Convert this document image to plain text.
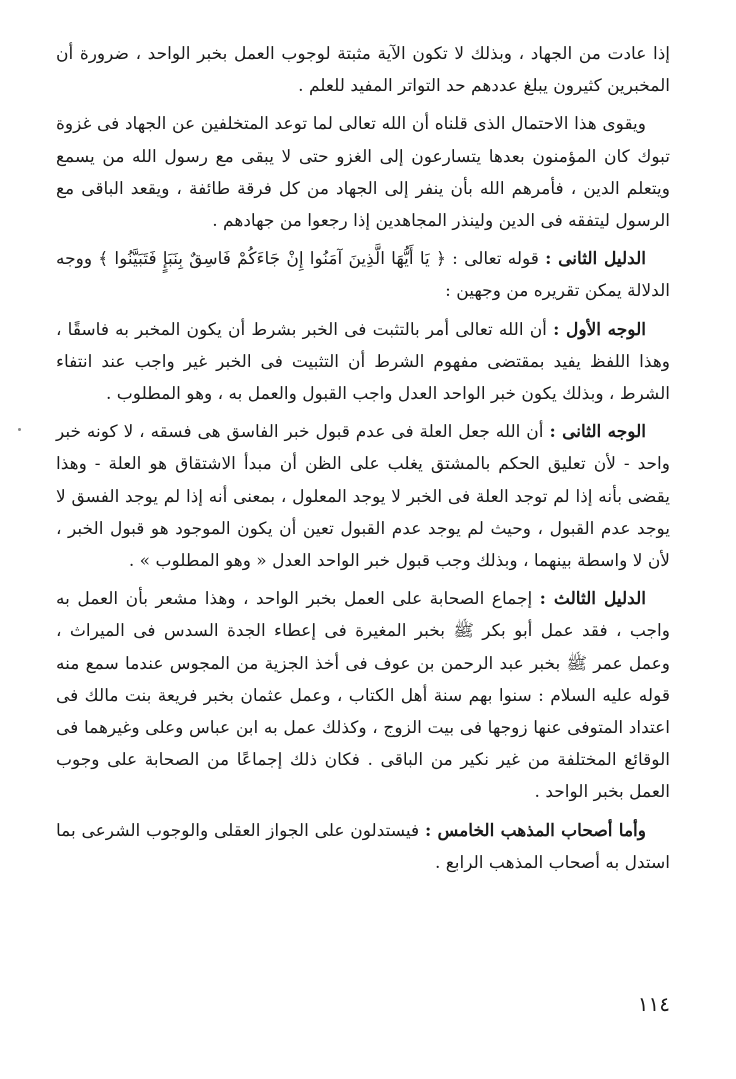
إذا عادت من الجهاد ، وبذلك لا تكون الآية مثبتة لوجوب العمل بخبر الواحد ، ضرورة أن المخبرين كثيرون يبلغ عددهم حد التواتر المفيد للعلم .

ويقوى هذا الاحتمال الذى قلناه أن الله تعالى لما توعد المتخلفين عن الجهاد فى غزوة تبوك كان المؤمنون بعدها يتسارعون إلى الغزو حتى لا يبقى مع رسول الله من يسمع ويتعلم الدين ، فأمرهم الله بأن ينفر إلى الجهاد من كل فرقة طائفة ، ويقعد الباقى مع الرسول ليتفقه فى الدين ولينذر المجاهدين إذا رجعوا من جهادهم .

الدليل الثانى : قوله تعالى : ﴿ يَا أَيُّهَا الَّذِينَ آمَنُوا إِنْ جَاءَكُمْ فَاسِقٌ بِنَبَإٍ فَتَبَيَّنُوا ﴾ ووجه الدلالة يمكن تقريره من وجهين :

الوجه الأول : أن الله تعالى أمر بالتثبت فى الخبر بشرط أن يكون المخبر به فاسقًا ، وهذا اللفظ يفيد بمقتضى مفهوم الشرط أن التثبيت فى الخبر غير واجب عند انتفاء الشرط ، وبذلك يكون خبر الواحد العدل واجب القبول والعمل به ، وهو المطلوب .

الوجه الثانى : أن الله جعل العلة فى عدم قبول خبر الفاسق هى فسقه ، لا كونه خبر واحد - لأن تعليق الحكم بالمشتق يغلب على الظن أن مبدأ الاشتقاق هو العلة - وهذا يقضى بأنه إذا لم توجد العلة فى الخبر لا يوجد المعلول ، بمعنى أنه إذا لم يوجد الفسق لا يوجد عدم القبول ، وحيث لم يوجد عدم القبول تعين أن يكون الموجود هو قبول الخبر ، لأن لا واسطة بينهما ، وبذلك وجب قبول خبر الواحد العدل « وهو المطلوب » .

الدليل الثالث : إجماع الصحابة على العمل بخبر الواحد ، وهذا مشعر بأن العمل به واجب ، فقد عمل أبو بكر ﷺ بخبر المغيرة فى إعطاء الجدة السدس فى الميراث ، وعمل عمر ﷺ بخبر عبد الرحمن بن عوف فى أخذ الجزية من المجوس عندما سمع منه قوله عليه السلام : سنوا بهم سنة أهل الكتاب ، وعمل عثمان بخبر فريعة بنت مالك فى اعتداد المتوفى عنها زوجها فى بيت الزوج ، وكذلك عمل به ابن عباس وعلى وغيرهما فى الوقائع المختلفة من غير نكير من الباقى . فكان ذلك إجماعًا من الصحابة على وجوب العمل بخبر الواحد .

وأما أصحاب المذهب الخامس : فيستدلون على الجواز العقلى والوجوب الشرعى بما استدل به أصحاب المذهب الرابع .

١١٤
